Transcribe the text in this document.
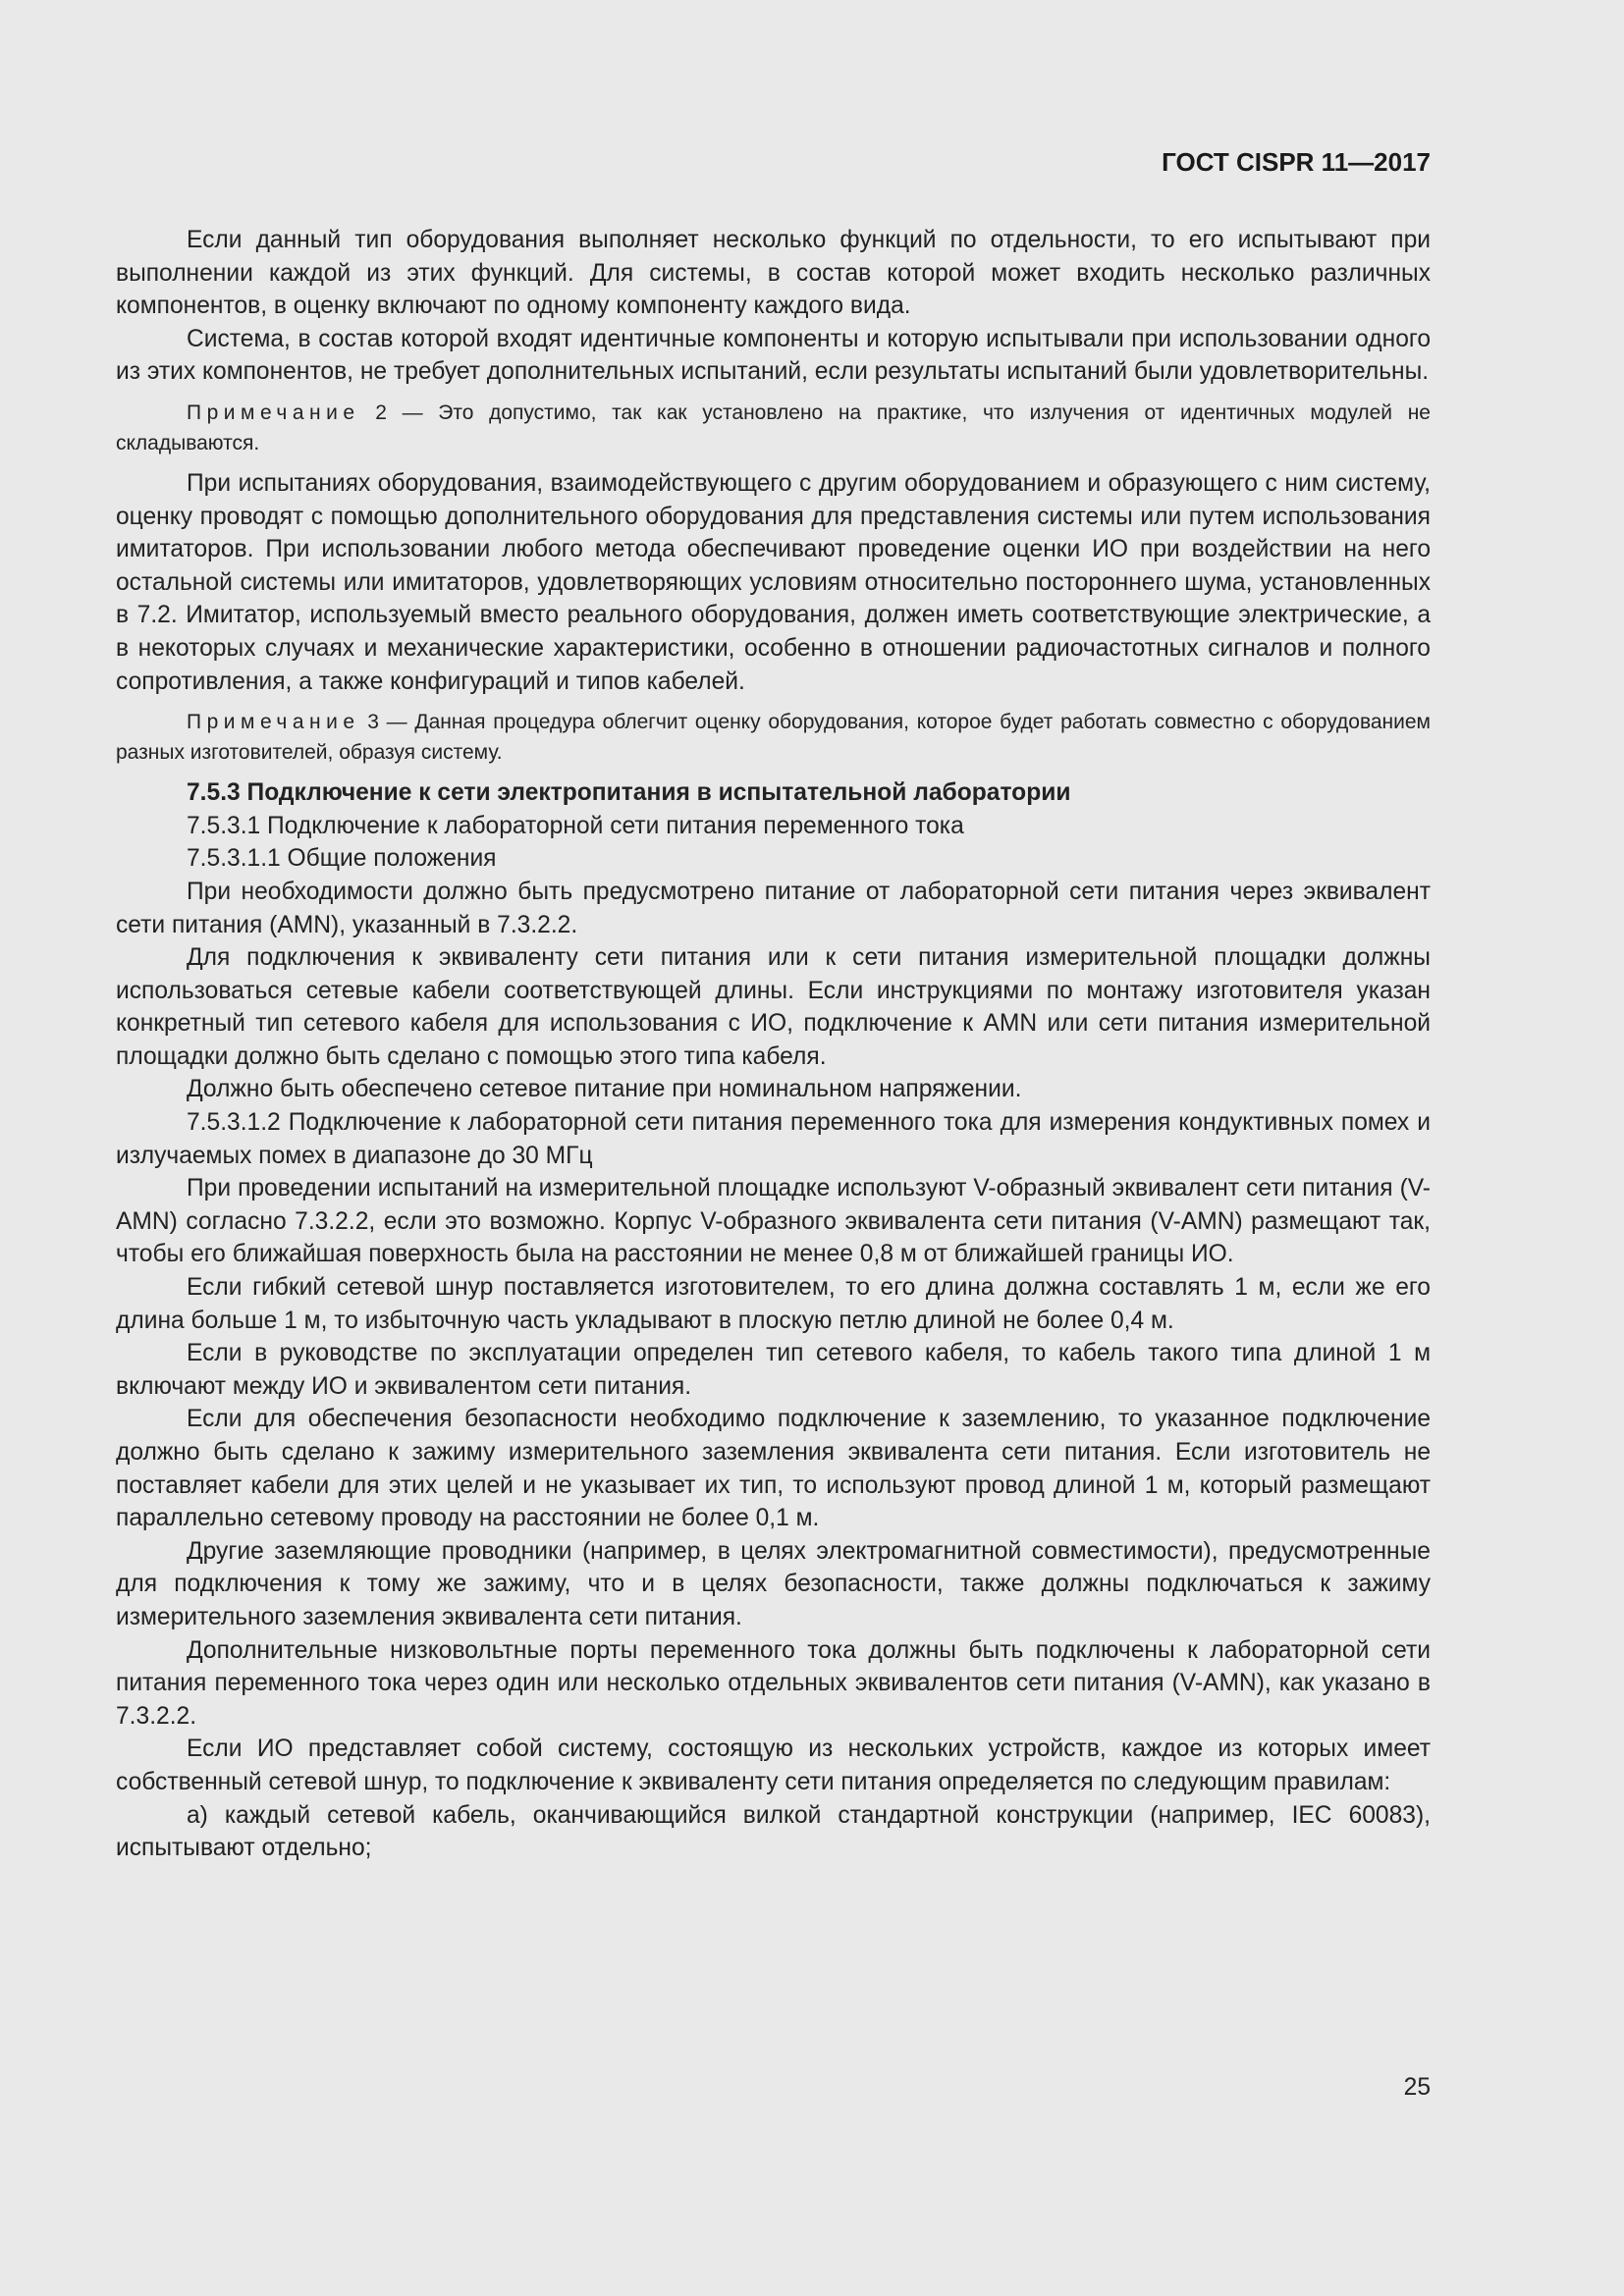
ГОСТ CISPR 11—2017

Если данный тип оборудования выполняет несколько функций по отдельности, то его испытывают при выполнении каждой из этих функций. Для системы, в состав которой может входить несколько различных компонентов, в оценку включают по одному компоненту каждого вида.

Система, в состав которой входят идентичные компоненты и которую испытывали при использовании одного из этих компонентов, не требует дополнительных испытаний, если результаты испытаний были удовлетворительны.

Примечание 2 — Это допустимо, так как установлено на практике, что излучения от идентичных модулей не складываются.

При испытаниях оборудования, взаимодействующего с другим оборудованием и образующего с ним систему, оценку проводят с помощью дополнительного оборудования для представления системы или путем использования имитаторов. При использовании любого метода обеспечивают проведение оценки ИО при воздействии на него остальной системы или имитаторов, удовлетворяющих условиям относительно постороннего шума, установленных в 7.2. Имитатор, используемый вместо реального оборудования, должен иметь соответствующие электрические, а в некоторых случаях и механические характеристики, особенно в отношении радиочастотных сигналов и полного сопротивления, а также конфигураций и типов кабелей.

Примечание 3 — Данная процедура облегчит оценку оборудования, которое будет работать совместно с оборудованием разных изготовителей, образуя систему.

7.5.3 Подключение к сети электропитания в испытательной лаборатории

7.5.3.1 Подключение к лабораторной сети питания переменного тока

7.5.3.1.1 Общие положения

При необходимости должно быть предусмотрено питание от лабораторной сети питания через эквивалент сети питания (AMN), указанный в 7.3.2.2.

Для подключения к эквиваленту сети питания или к сети питания измерительной площадки должны использоваться сетевые кабели соответствующей длины. Если инструкциями по монтажу изготовителя указан конкретный тип сетевого кабеля для использования с ИО, подключение к AMN или сети питания измерительной площадки должно быть сделано с помощью этого типа кабеля.

Должно быть обеспечено сетевое питание при номинальном напряжении.

7.5.3.1.2 Подключение к лабораторной сети питания переменного тока для измерения кондуктивных помех и излучаемых помех в диапазоне до 30 МГц

При проведении испытаний на измерительной площадке используют V-образный эквивалент сети питания (V-AMN) согласно 7.3.2.2, если это возможно. Корпус V-образного эквивалента сети питания (V-AMN) размещают так, чтобы его ближайшая поверхность была на расстоянии не менее 0,8 м от ближайшей границы ИО.

Если гибкий сетевой шнур поставляется изготовителем, то его длина должна составлять 1 м, если же его длина больше 1 м, то избыточную часть укладывают в плоскую петлю длиной не более 0,4 м.

Если в руководстве по эксплуатации определен тип сетевого кабеля, то кабель такого типа длиной 1 м включают между ИО и эквивалентом сети питания.

Если для обеспечения безопасности необходимо подключение к заземлению, то указанное подключение должно быть сделано к зажиму измерительного заземления эквивалента сети питания. Если изготовитель не поставляет кабели для этих целей и не указывает их тип, то используют провод длиной 1 м, который размещают параллельно сетевому проводу на расстоянии не более 0,1 м.

Другие заземляющие проводники (например, в целях электромагнитной совместимости), предусмотренные для подключения к тому же зажиму, что и в целях безопасности, также должны подключаться к зажиму измерительного заземления эквивалента сети питания.

Дополнительные низковольтные порты переменного тока должны быть подключены к лабораторной сети питания переменного тока через один или несколько отдельных эквивалентов сети питания (V-AMN), как указано в 7.3.2.2.

Если ИО представляет собой систему, состоящую из нескольких устройств, каждое из которых имеет собственный сетевой шнур, то подключение к эквиваленту сети питания определяется по следующим правилам:

а) каждый сетевой кабель, оканчивающийся вилкой стандартной конструкции (например, IEC 60083), испытывают отдельно;

25
